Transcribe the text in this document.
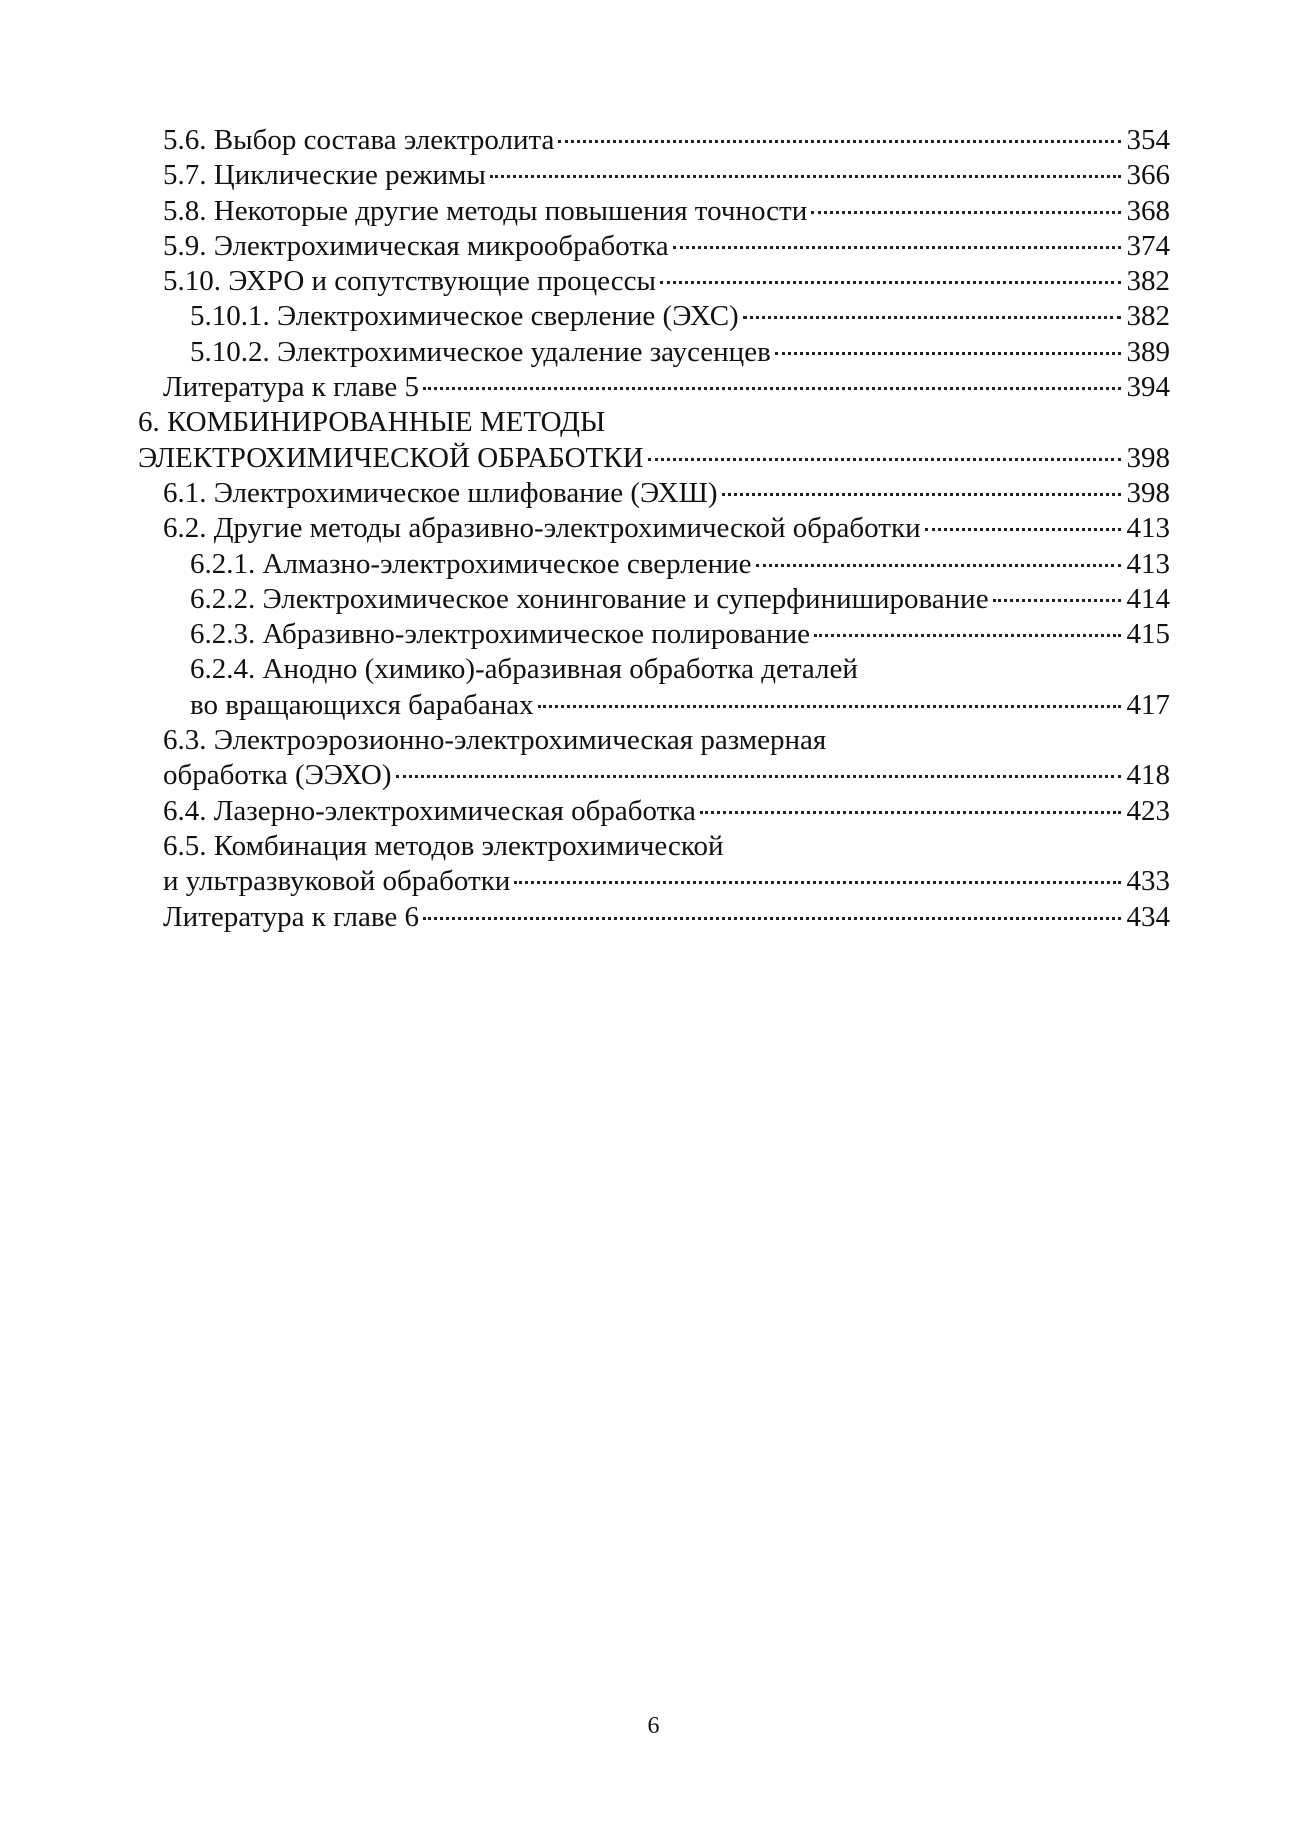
5.6. Выбор состава электролита	354
5.7. Циклические режимы	366
5.8. Некоторые другие методы повышения точности	368
5.9. Электрохимическая микрообработка	374
5.10. ЭХРО и сопутствующие процессы	382
5.10.1. Электрохимическое сверление (ЭХС)	382
5.10.2. Электрохимическое удаление заусенцев	389
Литература к главе 5	394
6. КОМБИНИРОВАННЫЕ МЕТОДЫ
ЭЛЕКТРОХИМИЧЕСКОЙ ОБРАБОТКИ	398
6.1. Электрохимическое шлифование (ЭХШ)	398
6.2. Другие методы абразивно-электрохимической обработки	413
6.2.1. Алмазно-электрохимическое сверление	413
6.2.2. Электрохимическое хонингование и суперфиниширование	414
6.2.3. Абразивно-электрохимическое полирование	415
6.2.4. Анодно (химико)-абразивная обработка деталей
во вращающихся барабанах	417
6.3. Электроэрозионно-электрохимическая размерная
обработка (ЭЭХО)	418
6.4. Лазерно-электрохимическая обработка	423
6.5. Комбинация методов электрохимической
и ультразвуковой обработки	433
Литература к главе 6	434
6
